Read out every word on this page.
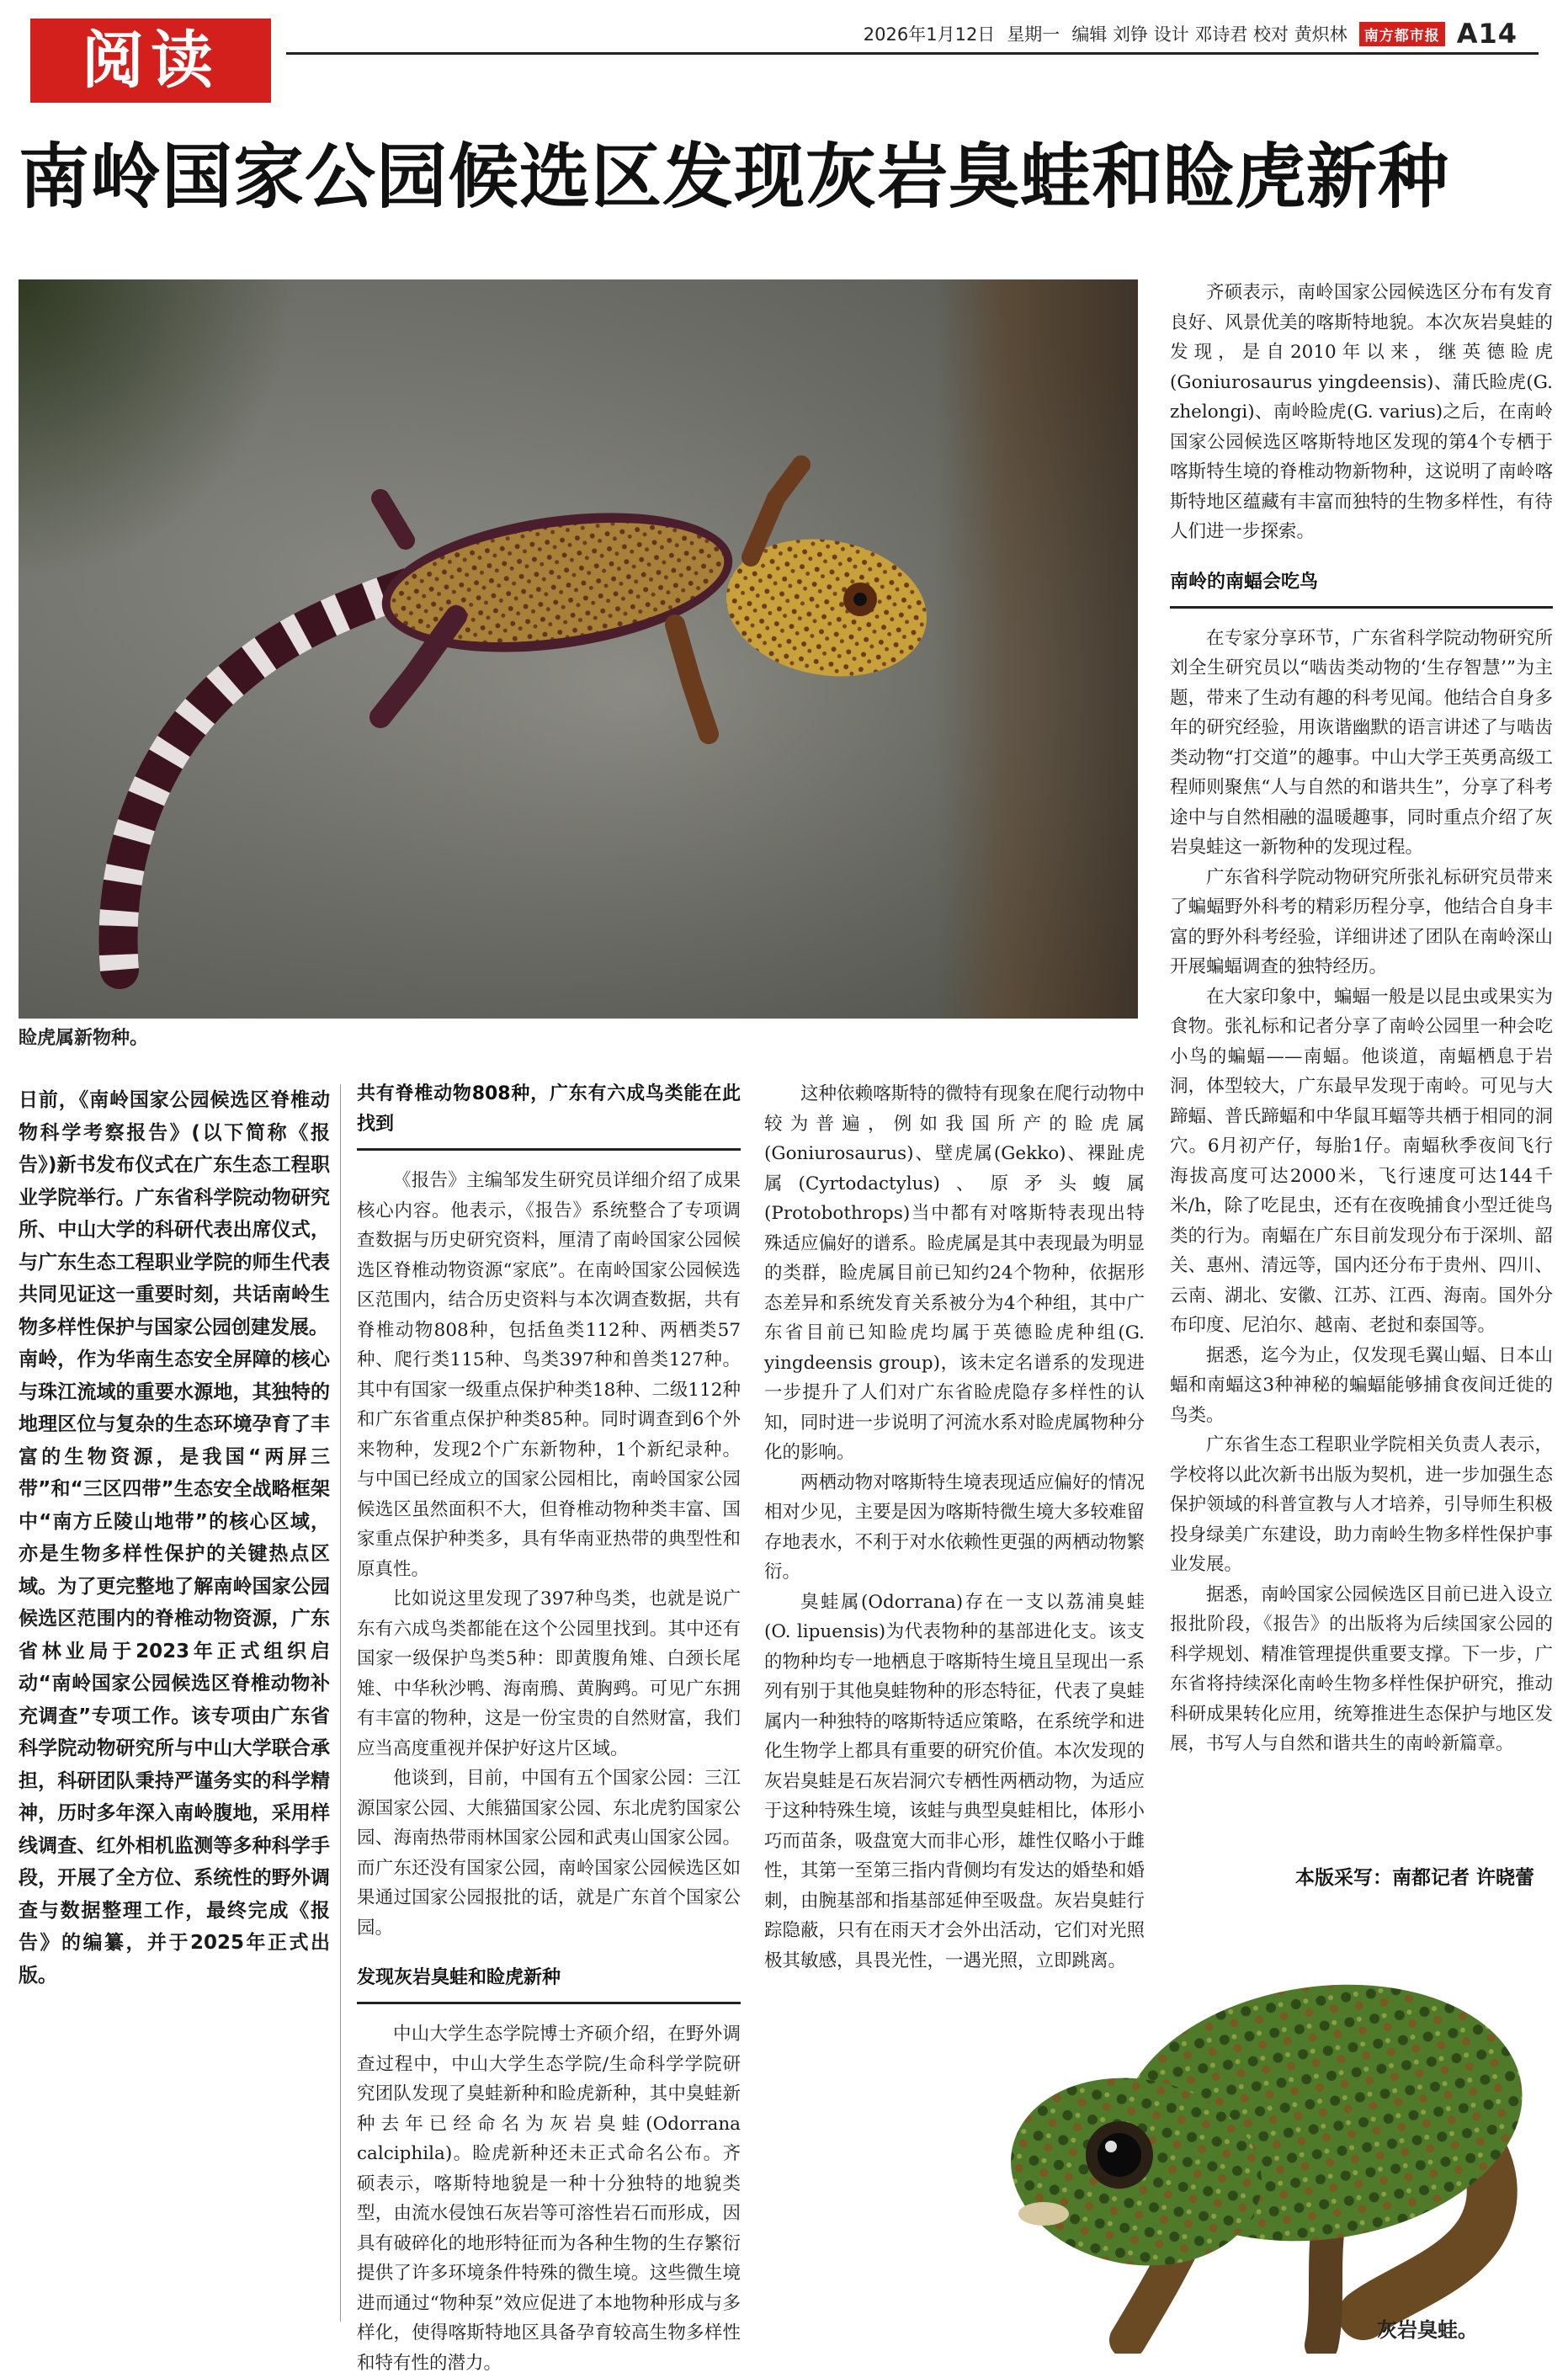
阅读	2026年1月12日 星期一 编辑 刘铮 设计 邓诗君 校对 黄炽林	南方都市报 A14
南岭国家公园候选区发现灰岩臭蛙和睑虎新种
睑虎属新物种。

日前，《南岭国家公园候选区脊椎动物科学考察报告》(以下简称《报告》)新书发布仪式在广东生态工程职业学院举行。广东省科学院动物研究所、中山大学的科研代表出席仪式，与广东生态工程职业学院的师生代表共同见证这一重要时刻，共话南岭生物多样性保护与国家公园创建发展。

南岭，作为华南生态安全屏障的核心与珠江流域的重要水源地，其独特的地理区位与复杂的生态环境孕育了丰富的生物资源，是我国“两屏三带”和“三区四带”生态安全战略框架中“南方丘陵山地带”的核心区域，亦是生物多样性保护的关键热点区域。为了更完整地了解南岭国家公园候选区范围内的脊椎动物资源，广东省林业局于2023年正式组织启动“南岭国家公园候选区脊椎动物补充调查”专项工作。该专项由广东省科学院动物研究所与中山大学联合承担，科研团队秉持严谨务实的科学精神，历时多年深入南岭腹地，采用样线调查、红外相机监测等多种科学手段，开展了全方位、系统性的野外调查与数据整理工作，最终完成《报告》的编纂，并于2025年正式出版。

共有脊椎动物808种，广东有六成鸟类能在此找到

《报告》主编邹发生研究员详细介绍了成果核心内容。他表示，《报告》系统整合了专项调查数据与历史研究资料，厘清了南岭国家公园候选区脊椎动物资源“家底”。在南岭国家公园候选区范围内，结合历史资料与本次调查数据，共有脊椎动物808种，包括鱼类112种、两栖类57种、爬行类115种、鸟类397种和兽类127种。其中有国家一级重点保护种类18种、二级112种和广东省重点保护种类85种。同时调查到6个外来物种，发现2个广东新物种，1个新纪录种。与中国已经成立的国家公园相比，南岭国家公园候选区虽然面积不大，但脊椎动物种类丰富、国家重点保护种类多，具有华南亚热带的典型性和原真性。

比如说这里发现了397种鸟类，也就是说广东有六成鸟类都能在这个公园里找到。其中还有国家一级保护鸟类5种：即黄腹角雉、白颈长尾雉、中华秋沙鸭、海南鳽、黄胸鹀。可见广东拥有丰富的物种，这是一份宝贵的自然财富，我们应当高度重视并保护好这片区域。

他谈到，目前，中国有五个国家公园：三江源国家公园、大熊猫国家公园、东北虎豹国家公园、海南热带雨林国家公园和武夷山国家公园。而广东还没有国家公园，南岭国家公园候选区如果通过国家公园报批的话，就是广东首个国家公园。

发现灰岩臭蛙和睑虎新种

中山大学生态学院博士齐硕介绍，在野外调查过程中，中山大学生态学院/生命科学学院研究团队发现了臭蛙新种和睑虎新种，其中臭蛙新种去年已经命名为灰岩臭蛙(Odorrana calciphila)。睑虎新种还未正式命名公布。齐硕表示，喀斯特地貌是一种十分独特的地貌类型，由流水侵蚀石灰岩等可溶性岩石而形成，因具有破碎化的地形特征而为各种生物的生存繁衍提供了许多环境条件特殊的微生境。这些微生境进而通过“物种泵”效应促进了本地物种形成与多样化，使得喀斯特地区具备孕育较高生物多样性和特有性的潜力。

这种依赖喀斯特的微特有现象在爬行动物中较为普遍，例如我国所产的睑虎属(Goniurosaurus)、壁虎属(Gekko)、裸趾虎属(Cyrtodactylus)、原矛头蝮属(Protobothrops)当中都有对喀斯特表现出特殊适应偏好的谱系。睑虎属是其中表现最为明显的类群，睑虎属目前已知约24个物种，依据形态差异和系统发育关系被分为4个种组，其中广东省目前已知睑虎均属于英德睑虎种组(G. yingdeensis group)，该未定名谱系的发现进一步提升了人们对广东省睑虎隐存多样性的认知，同时进一步说明了河流水系对睑虎属物种分化的影响。

两栖动物对喀斯特生境表现适应偏好的情况相对少见，主要是因为喀斯特微生境大多较难留存地表水，不利于对水依赖性更强的两栖动物繁衍。

臭蛙属(Odorrana)存在一支以荔浦臭蛙(O. lipuensis)为代表物种的基部进化支。该支的物种均专一地栖息于喀斯特生境且呈现出一系列有别于其他臭蛙物种的形态特征，代表了臭蛙属内一种独特的喀斯特适应策略，在系统学和进化生物学上都具有重要的研究价值。本次发现的灰岩臭蛙是石灰岩洞穴专栖性两栖动物，为适应于这种特殊生境，该蛙与典型臭蛙相比，体形小巧而苗条，吸盘宽大而非心形，雄性仅略小于雌性，其第一至第三指内背侧均有发达的婚垫和婚刺，由腕基部和指基部延伸至吸盘。灰岩臭蛙行踪隐蔽，只有在雨天才会外出活动，它们对光照极其敏感，具畏光性，一遇光照，立即跳离。

齐硕表示，南岭国家公园候选区分布有发育良好、风景优美的喀斯特地貌。本次灰岩臭蛙的发现，是自2010年以来，继英德睑虎(Goniurosaurus yingdeensis)、蒲氏睑虎(G. zhelongi)、南岭睑虎(G. varius)之后，在南岭国家公园候选区喀斯特地区发现的第4个专栖于喀斯特生境的脊椎动物新物种，这说明了南岭喀斯特地区蕴藏有丰富而独特的生物多样性，有待人们进一步探索。

南岭的南蝠会吃鸟

在专家分享环节，广东省科学院动物研究所刘全生研究员以“啮齿类动物的‘生存智慧’”为主题，带来了生动有趣的科考见闻。他结合自身多年的研究经验，用诙谐幽默的语言讲述了与啮齿类动物“打交道”的趣事。中山大学王英勇高级工程师则聚焦“人与自然的和谐共生”，分享了科考途中与自然相融的温暖趣事，同时重点介绍了灰岩臭蛙这一新物种的发现过程。

广东省科学院动物研究所张礼标研究员带来了蝙蝠野外科考的精彩历程分享，他结合自身丰富的野外科考经验，详细讲述了团队在南岭深山开展蝙蝠调查的独特经历。

在大家印象中，蝙蝠一般是以昆虫或果实为食物。张礼标和记者分享了南岭公园里一种会吃小鸟的蝙蝠——南蝠。他谈道，南蝠栖息于岩洞，体型较大，广东最早发现于南岭。可见与大蹄蝠、普氏蹄蝠和中华鼠耳蝠等共栖于相同的洞穴。6月初产仔，每胎1仔。南蝠秋季夜间飞行海拔高度可达2000米，飞行速度可达144千米/h，除了吃昆虫，还有在夜晚捕食小型迁徙鸟类的行为。南蝠在广东目前发现分布于深圳、韶关、惠州、清远等，国内还分布于贵州、四川、云南、湖北、安徽、江苏、江西、海南。国外分布印度、尼泊尔、越南、老挝和泰国等。

据悉，迄今为止，仅发现毛翼山蝠、日本山蝠和南蝠这3种神秘的蝙蝠能够捕食夜间迁徙的鸟类。

广东省生态工程职业学院相关负责人表示，学校将以此次新书出版为契机，进一步加强生态保护领域的科普宣教与人才培养，引导师生积极投身绿美广东建设，助力南岭生物多样性保护事业发展。

据悉，南岭国家公园候选区目前已进入设立报批阶段，《报告》的出版将为后续国家公园的科学规划、精准管理提供重要支撑。下一步，广东省将持续深化南岭生物多样性保护研究，推动科研成果转化应用，统筹推进生态保护与地区发展，书写人与自然和谐共生的南岭新篇章。

本版采写：南都记者 许晓蕾
灰岩臭蛙。
